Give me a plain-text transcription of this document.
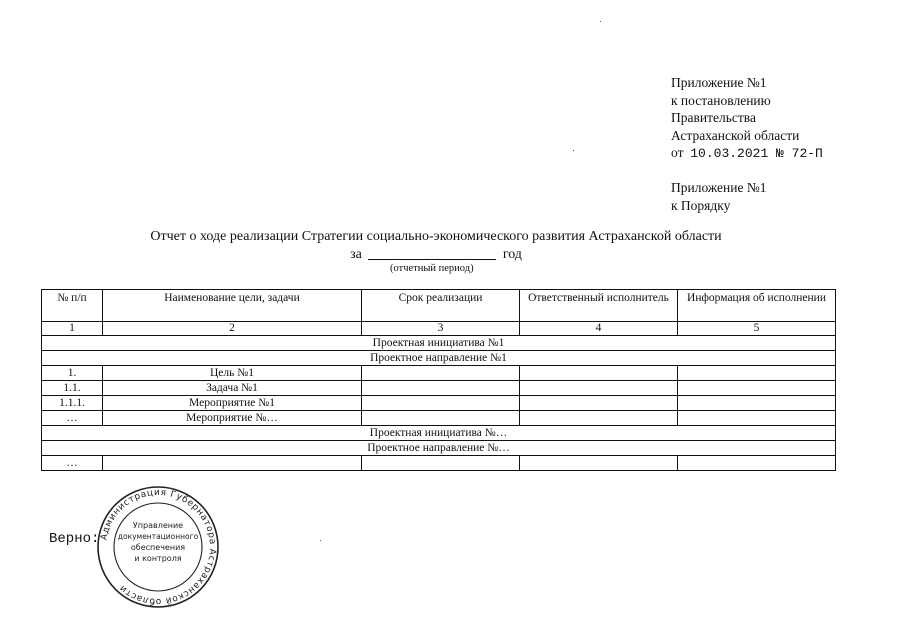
Приложение №1
к постановлению
Правительства
Астраханской области
от 10.03.2021 № 72-П
Приложение №1
к Порядку
Отчет о ходе реализации Стратегии социально-экономического развития Астраханской области
за	год
(отчетный период)
№ п/п	Наименование цели, задачи	Срок реализации	Ответственный исполнитель	Информация об исполнении
1	2	3	4	5
Проектная инициатива №1				
Проектное направление №1				
1.	Цель №1			
1.1.	Задача №1			
1.1.1.	Мероприятие №1			
…	Мероприятие №…			
Проектная инициатива №…				
Проектное направление №…				
…				
Верно: Администрация Губернатора Астраханской области
Управление
документационного
обеспечения
и контроля
